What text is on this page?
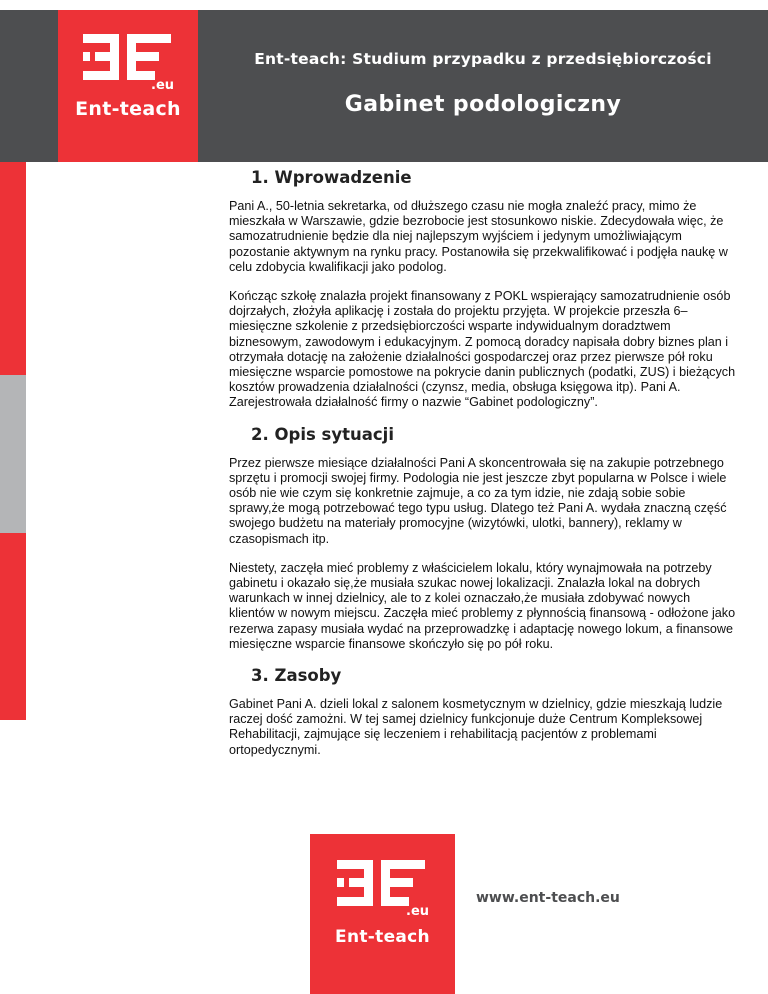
.eu
Ent-teach
Ent-teach: Studium przypadku z przedsiębiorczości
Gabinet podologiczny
1. Wprowadzenie

Pani A., 50-letnia sekretarka, od dłuższego czasu nie mogła znaleźć pracy, mimo że mieszkała w Warszawie, gdzie bezrobocie jest stosunkowo niskie. Zdecydowała więc, że samozatrudnienie będzie dla niej najlepszym wyjściem i jedynym umożliwiającym pozostanie aktywnym na rynku pracy. Postanowiła się przekwalifikować i podjęła naukę w celu zdobycia kwalifikacji jako podolog.

Kończąc szkołę znalazła projekt finansowany z POKL wspierający samozatrudnienie osób dojrzałych, złożyła aplikację i została do projektu przyjęta. W projekcie przeszła 6–miesięczne szkolenie z przedsiębiorczości wsparte indywidualnym doradztwem biznesowym, zawodowym i edukacyjnym. Z pomocą doradcy napisała dobry biznes plan i otrzymała dotację na założenie działalności gospodarczej oraz przez pierwsze pół roku miesięczne wsparcie pomostowe na pokrycie danin publicznych (podatki, ZUS) i bieżących kosztów prowadzenia działalności (czynsz, media, obsługa księgowa itp). Pani A. Zarejestrowała działalność firmy o nazwie “Gabinet podologiczny”.

2. Opis sytuacji

Przez pierwsze miesiące działalności Pani A skoncentrowała się na zakupie potrzebnego sprzętu i promocji swojej firmy. Podologia nie jest jeszcze zbyt popularna w Polsce i wiele osób nie wie czym się konkretnie zajmuje, a co za tym idzie, nie zdają sobie sobie sprawy,że mogą potrzebować tego typu usług. Dlatego też Pani A. wydała znaczną część swojego budżetu na materiały promocyjne (wizytówki, ulotki, bannery), reklamy w czasopismach itp.

Niestety, zaczęła mieć problemy z właścicielem lokalu, który wynajmowała na potrzeby gabinetu i okazało się,że musiała szukac nowej lokalizacji. Znalazła lokal na dobrych warunkach w innej dzielnicy, ale to z kolei oznaczało,że musiała zdobywać nowych klientów w nowym miejscu. Zaczęła mieć problemy z płynnością finansową - odłożone jako rezerwa zapasy musiała wydać na przeprowadzkę i adaptację nowego lokum, a finansowe miesięczne wsparcie finansowe skończyło się po pół roku.

3. Zasoby

Gabinet Pani A. dzieli lokal z salonem kosmetycznym w dzielnicy, gdzie mieszkają ludzie raczej dość zamożni. W tej samej dzielnicy funkcjonuje duże Centrum Kompleksowej Rehabilitacji, zajmujące się leczeniem i rehabilitacją pacjentów z problemami ortopedycznymi.

.eu
Ent-teach
www.ent-teach.eu
